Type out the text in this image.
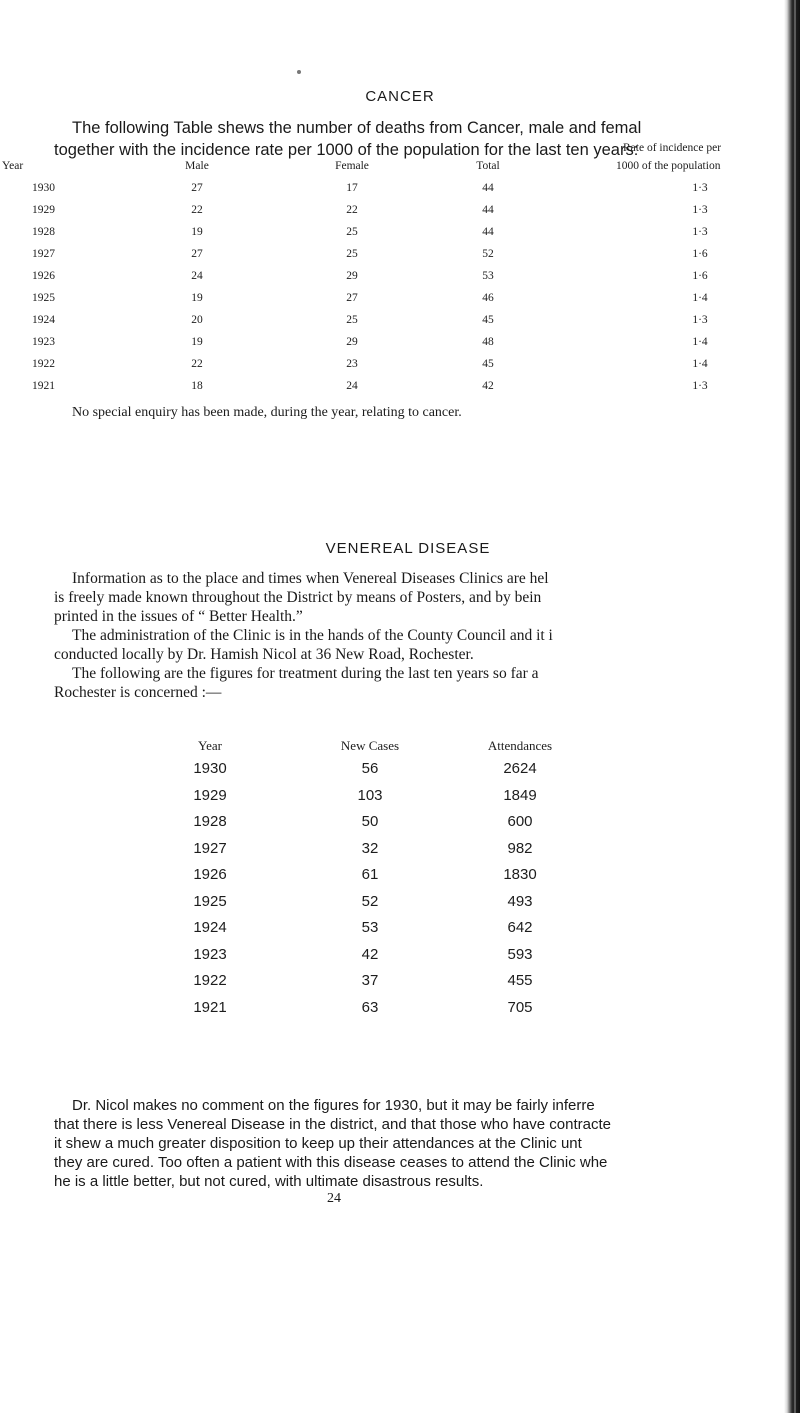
CANCER
The following Table shews the number of deaths from Cancer, male and femal
together with the incidence rate per 1000 of the population for the last ten years:
Rate of incidence per
Year	Male	Female	Total	1000 of the population
1930	27	17	44	1·3
1929	22	22	44	1·3
1928	19	25	44	1·3
1927	27	25	52	1·6
1926	24	29	53	1·6
1925	19	27	46	1·4
1924	20	25	45	1·3
1923	19	29	48	1·4
1922	22	23	45	1·4
1921	18	24	42	1·3
No special enquiry has been made, during the year, relating to cancer.
VENEREAL DISEASE
Information as to the place and times when Venereal Diseases Clinics are hel
is freely made known throughout the District by means of Posters, and by bein
printed in the issues of “ Better Health.”
The administration of the Clinic is in the hands of the County Council and it i
conducted locally by Dr. Hamish Nicol at 36 New Road, Rochester.
The following are the figures for treatment during the last ten years so far a
Rochester is concerned :—
Year	New Cases	Attendances
1930	56	2624
1929	103	1849
1928	50	600
1927	32	982
1926	61	1830
1925	52	493
1924	53	642
1923	42	593
1922	37	455
1921	63	705
Dr. Nicol makes no comment on the figures for 1930, but it may be fairly inferre
that there is less Venereal Disease in the district, and that those who have contracte
it shew a much greater disposition to keep up their attendances at the Clinic unt
they are cured. Too often a patient with this disease ceases to attend the Clinic whe
he is a little better, but not cured, with ultimate disastrous results.
24
